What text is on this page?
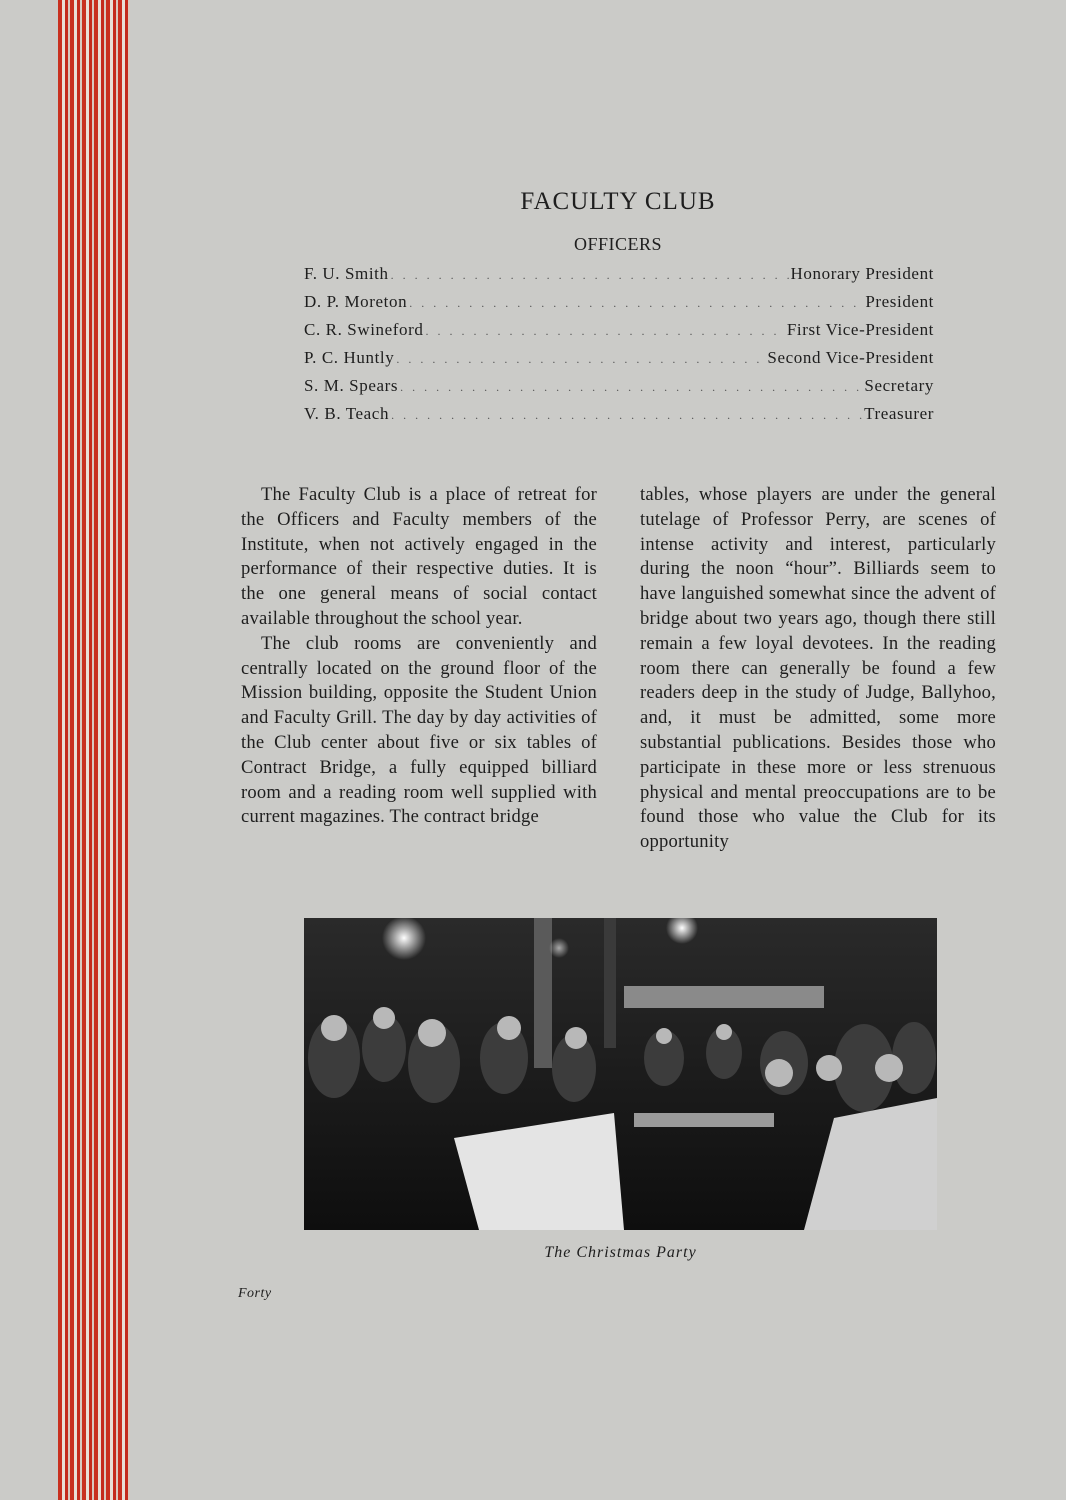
FACULTY CLUB
OFFICERS
F. U. Smith . . .	Honorary President
D. P. Moreton . . .	President
C. R. Swineford . . .	First Vice-President
P. C. Huntly . . .	Second Vice-President
S. M. Spears . . .	Secretary
V. B. Teach . . .	Treasurer

The Faculty Club is a place of retreat for the Officers and Faculty members of the Institute, when not actively engaged in the performance of their respective duties. It is the one general means of social contact available throughout the school year.

The club rooms are conveniently and centrally located on the ground floor of the Mission building, opposite the Student Union and Faculty Grill. The day by day activities of the Club center about five or six tables of Contract Bridge, a fully equipped billiard room and a reading room well supplied with current magazines. The contract bridge

tables, whose players are under the general tutelage of Professor Perry, are scenes of intense activity and interest, particularly during the noon “hour”. Billiards seem to have languished somewhat since the advent of bridge about two years ago, though there still remain a few loyal devotees. In the reading room there can generally be found a few readers deep in the study of Judge, Ballyhoo, and, it must be admitted, some more substantial publications. Besides those who participate in these more or less strenuous physical and mental preoccupations are to be found those who value the Club for its opportunity

The Christmas Party
Forty
